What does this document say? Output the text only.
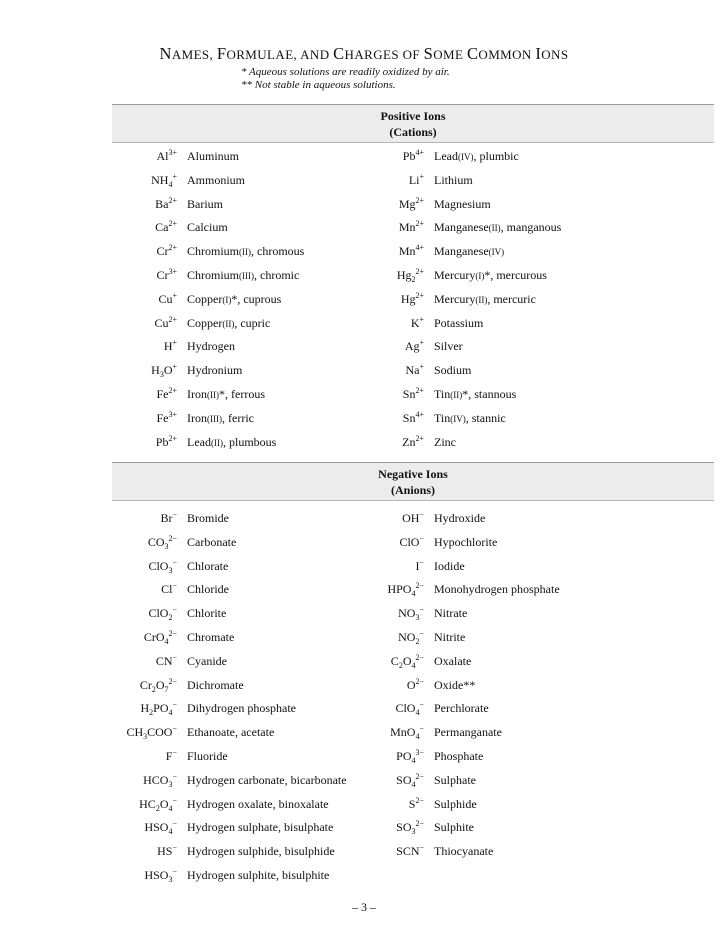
NAMES, FORMULAE, AND CHARGES OF SOME COMMON IONS
* Aqueous solutions are readily oxidized by air.
** Not stable in aqueous solutions.
Positive Ions
(Cations)
$Al^{3+}$ Aluminum	$Pb^{4+}$ Lead(IV), plumbic
$NH_4^+$ Ammonium	Li+ Lithium
$Ba^{2+}$ Barium	$Mg^{2+}$ Magnesium
$Ca^{2+}$ Calcium	$Mn^{2+}$ Manganese(II), manganous
$Cr^{2+}$ Chromium(II), chromous	$Mn^{4+}$ Manganese(IV)
$Cr^{3+}$ Chromium(III), chromic	$Hg_2^{2+}$ Mercury(I)*, mercurous
Cu+ Copper(I)*, cuprous	$Hg^{2+}$ Mercury(II), mercuric
$Cu^{2+}$ Copper(II), cupric	K+ Potassium
H+ Hydrogen	Ag+ Silver
$H_3O^+$ Hydronium	Na+ Sodium
$Fe^{2+}$ Iron(II)*, ferrous	$Sn^{2+}$ Tin(II)*, stannous
$Fe^{3+}$ Iron(III), ferric	$Sn^{4+}$ Tin(IV), stannic
$Pb^{2+}$ Lead(II), plumbous	$Zn^{2+}$ Zinc
Negative Ions
(Anions)
Br− Bromide	OH− Hydroxide
$CO_3^{2-}$ Carbonate	ClO− Hypochlorite
ClO$_3$− Chlorate	I− Iodide
Cl− Chloride	$HPO_4^{2-}$ Monohydrogen phosphate
ClO$_2$− Chlorite	$NO_3^-$ Nitrate
CrO$_4^{2-}$ Chromate	$NO_2^-$ Nitrite
CN− Cyanide	$C_2O_4^{2-}$ Oxalate
$Cr_2O_7^{2-}$ Dichromate	$O^{2-}$ Oxide**
$H_2PO_4^-$ Dihydrogen phosphate	ClO$_4$− Perchlorate
$CH_3COO^-$ Ethanoate, acetate	MnO$_4$− Permanganate
F− Fluoride	$PO_4^{3-}$ Phosphate
$HCO_3^-$ Hydrogen carbonate, bicarbonate	$SO_4^{2-}$ Sulphate
$HC_2O_4^-$ Hydrogen oxalate, binoxalate	$S^{2-}$ Sulphide
$HSO_4^-$ Hydrogen sulphate, bisulphate	$SO_3^{2-}$ Sulphite
HS− Hydrogen sulphide, bisulphide	SCN− Thiocyanate
$HSO_3^-$ Hydrogen sulphite, bisulphite
– 3 –
